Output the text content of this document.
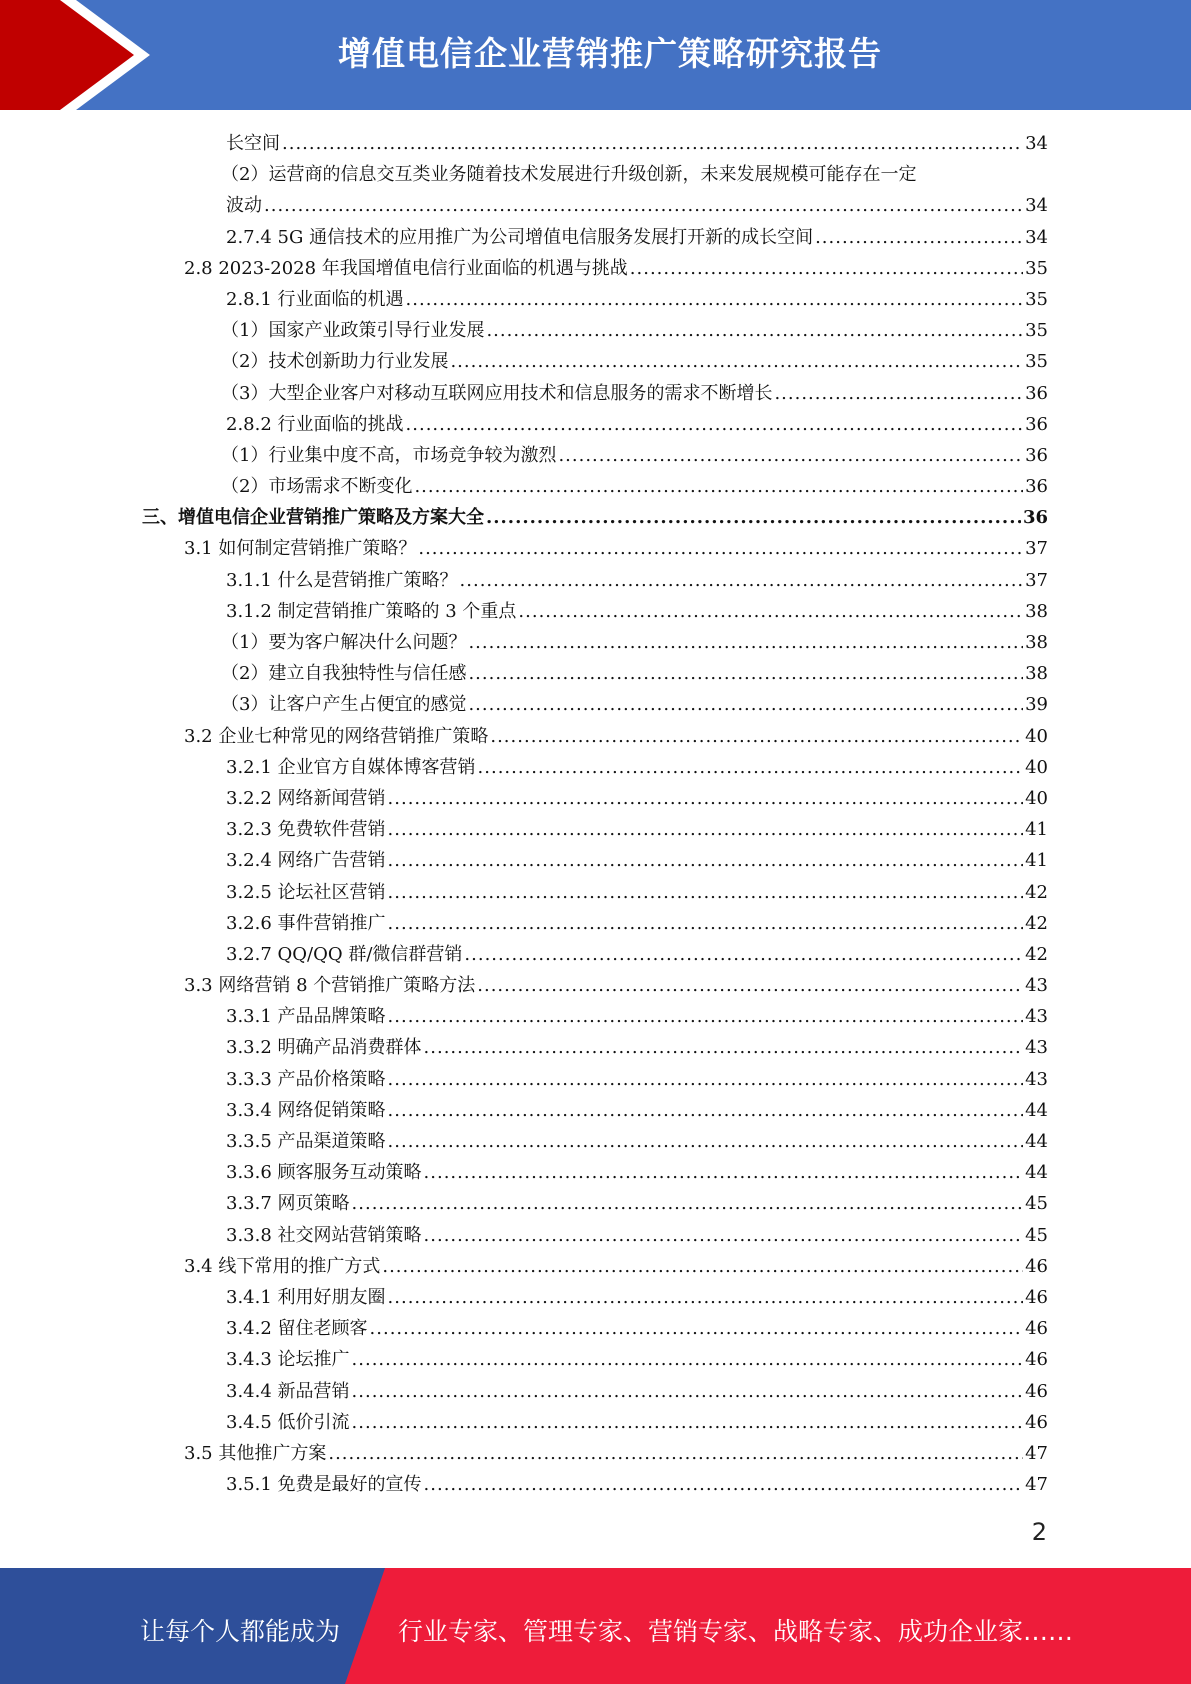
增值电信企业营销推广策略研究报告
长空间 .....	34
（2）运营商的信息交互类业务随着技术发展进行升级创新，未来发展规模可能存在一定
波动 .....	34
2.7.4 5G 通信技术的应用推广为公司增值电信服务发展打开新的成长空间 .....	34
2.8 2023-2028 年我国增值电信行业面临的机遇与挑战 .....	35
2.8.1 行业面临的机遇 .....	35
（1）国家产业政策引导行业发展 .....	35
（2）技术创新助力行业发展 .....	35
（3）大型企业客户对移动互联网应用技术和信息服务的需求不断增长 .....	36
2.8.2 行业面临的挑战 .....	36
（1）行业集中度不高，市场竞争较为激烈 .....	36
（2）市场需求不断变化 .....	36
三、增值电信企业营销推广策略及方案大全 .....	36
3.1 如何制定营销推广策略？ .....	37
3.1.1 什么是营销推广策略？ .....	37
3.1.2 制定营销推广策略的 3 个重点 .....	38
（1）要为客户解决什么问题？ .....	38
（2）建立自我独特性与信任感 .....	38
（3）让客户产生占便宜的感觉 .....	39
3.2 企业七种常见的网络营销推广策略 .....	40
3.2.1 企业官方自媒体博客营销 .....	40
3.2.2 网络新闻营销 .....	40
3.2.3 免费软件营销 .....	41
3.2.4 网络广告营销 .....	41
3.2.5 论坛社区营销 .....	42
3.2.6 事件营销推广 .....	42
3.2.7 QQ/QQ 群/微信群营销 .....	42
3.3 网络营销 8 个营销推广策略方法 .....	43
3.3.1 产品品牌策略 .....	43
3.3.2 明确产品消费群体 .....	43
3.3.3 产品价格策略 .....	43
3.3.4 网络促销策略 .....	44
3.3.5 产品渠道策略 .....	44
3.3.6 顾客服务互动策略 .....	44
3.3.7 网页策略 .....	45
3.3.8 社交网站营销策略 .....	45
3.4 线下常用的推广方式 .....	46
3.4.1 利用好朋友圈 .....	46
3.4.2 留住老顾客 .....	46
3.4.3 论坛推广 .....	46
3.4.4 新品营销 .....	46
3.4.5 低价引流 .....	46
3.5 其他推广方案 .....	47
3.5.1 免费是最好的宣传 .....	47
2
让每个人都能成为 行业专家、管理专家、营销专家、战略专家、成功企业家……
